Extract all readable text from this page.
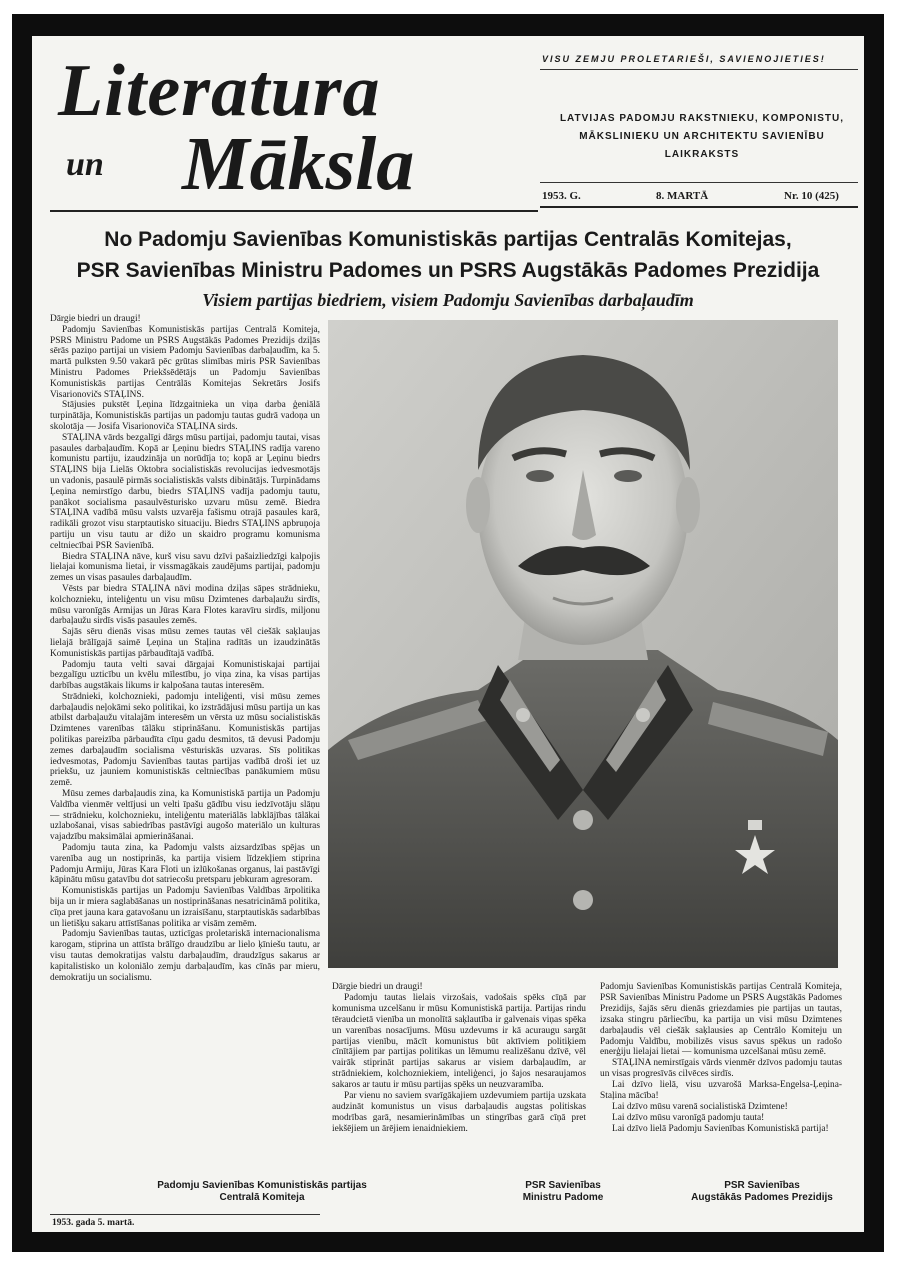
Literatura
un Māksla
VISU ZEMJU PROLETARIEŠI, SAVIENOJIETIES!
LATVIJAS PADOMJU RAKSTNIEKU, KOMPONISTU,
MĀKSLINIEKU UN ARCHITEKTU SAVIENĪBU
LAIKRAKSTS
1953. G.	8. MARTĀ	Nr. 10 (425)
No Padomju Savienības Komunistiskās partijas Centralās Komitejas,
PSR Savienības Ministru Padomes un PSRS Augstākās Padomes Prezidija
Visiem partijas biedriem, visiem Padomju Savienības darbaļaudīm

Dārgie biedri un draugi!

Padomju Savienības Komunistiskās partijas Centralā Komiteja, PSRS Ministru Padome un PSRS Augstākās Padomes Prezidijs dziļās sērās paziņo partijai un visiem Padomju Savienības darbaļaudīm, ka 5. martā pulksten 9.50 vakarā pēc grūtas slimības miris PSR Savienības Ministru Padomes Priekšsēdētājs un Padomju Savienības Komunistiskās partijas Centrālās Komitejas Sekretārs Josifs Visarionovičs STAĻINS.

Stājusies pukstēt Ļeņina līdzgaitnieka un viņa darba ģeniālā turpinātāja, Komunistiskās partijas un padomju tautas gudrā vadoņa un skolotāja — Josifa Visarionoviča STAĻINA sirds.

STAĻINA vārds bezgalīgi dārgs mūsu partijai, padomju tautai, visas pasaules darbaļaudīm. Kopā ar Ļeņinu biedrs STAĻINS radīja vareno komunistu partiju, izaudzināja un norūdīja to; kopā ar Ļeņinu biedrs STAĻINS bija Lielās Oktobra socialistiskās revolucijas iedvesmotājs un vadonis, pasaulē pirmās socialistiskās valsts dibinātājs. Turpinādams Ļeņina nemirstīgo darbu, biedrs STAĻINS vadīja padomju tautu, panākot socialisma pasaulvēsturisko uzvaru mūsu zemē. Biedra STAĻINA vadībā mūsu valsts uzvarēja fašismu otrajā pasaules karā, radikāli grozot visu starptautisko situaciju. Biedrs STAĻINS apbruņoja partiju un visu tautu ar dižo un skaidro programu komunisma celtniecībai PSR Savienībā.

Biedra STAĻINA nāve, kurš visu savu dzīvi pašaizliedzīgi kalpojis lielajai komunisma lietai, ir vissmagākais zaudējums partijai, padomju zemes un visas pasaules darbaļaudīm.

Vēsts par biedra STAĻINA nāvi modina dziļas sāpes strādnieku, kolchoznieku, inteliģentu un visu mūsu Dzimtenes darbaļaužu sirdīs, mūsu varonīgās Armijas un Jūras Kara Flotes karavīru sirdīs, miljonu darbaļaužu sirdīs visās pasaules zemēs.

Sajās sēru dienās visas mūsu zemes tautas vēl ciešāk saķlaujas lielajā brālīgajā saimē Ļeņina un Staļina radītās un izaudzinātās Komunistiskās partijas pārbaudītajā vadībā.

Padomju tauta velti savai dārgajai Komunistiskajai partijai bezgalīgu uzticību un kvēlu mīlestību, jo viņa zina, ka visas partijas darbības augstākais likums ir kalpošana tautas interesēm.

Strādnieki, kolchoznieki, padomju inteliģenti, visi mūsu zemes darbaļaudis neļokāmi seko politikai, ko izstrādājusi mūsu partija un kas atbilst darbaļaužu vitalajām interesēm un vērsta uz mūsu socialistiskās Dzimtenes varenības tālāku stiprināšanu. Komunistiskās partijas politikas pareizība pārbaudīta cīņu gadu desmitos, tā devusi Padomju zemes darbaļaudīm socialisma vēsturiskās uzvaras. Sīs politikas iedvesmotas, Padomju Savienības tautas partijas vadībā droši iet uz priekšu, uz jauniem komunistiskās celtniecības panākumiem mūsu zemē.

Mūsu zemes darbaļaudis zina, ka Komunistiskā partija un Padomju Valdība vienmēr veltījusi un velti īpašu gādību visu iedzīvotāju slāņu — strādnieku, kolchoznieku, inteliģentu materiālās labklājības tālākai uzlabošanai, visas sabiedrības pastāvīgi augošo materiālo un kulturas vajadzību maksimālai apmierināšanai.

Padomju tauta zina, ka Padomju valsts aizsardzības spējas un varenība aug un nostiprinās, ka partija visiem līdzekļiem stiprina Padomju Armiju, Jūras Kara Floti un izlūkošanas organus, lai pastāvīgi kāpinātu mūsu gatavību dot satriecošu pretsparu jebkuram agresoram.

Komunistiskās partijas un Padomju Savienības Valdības ārpolitika bija un ir miera saglabāšanas un nostiprināšanas nesatricināmā politika, cīņa pret jauna kara gatavošanu un izraisīšanu, starptautiskās sadarbības un lietišķu sakaru attīstīšanas politika ar visām zemēm.

Padomju Savienības tautas, uzticīgas proletariskā internacionalisma karogam, stiprina un attīsta brālīgo draudzību ar lielo ķīniešu tautu, ar visu tautas demokratijas valstu darbaļaudīm, draudzīgus sakarus ar kapitalistisko un koloniālo zemju darbaļaudīm, kas cīnās par mieru, demokratiju un socialismu.

Dārgie biedri un draugi!

Padomju tautas lielais virzošais, vadošais spēks cīņā par komunisma uzcelšanu ir mūsu Komunistiskā partija. Partijas rindu tēraudcietā vienība un monolītā saķlautība ir galvenais viņas spēka un varenības nosacījums. Mūsu uzdevums ir kā acuraugu sargāt partijas vienību, mācīt komunistus būt aktīviem politiķiem cīnītājiem par partijas politikas un lēmumu realizēšanu dzīvē, vēl vairāk stiprināt partijas sakarus ar visiem darbaļaudīm, ar strādniekiem, kolchozniekiem, inteliģenci, jo šajos nesaraujamos sakaros ar tautu ir mūsu partijas spēks un neuzvaramība.

Par vienu no saviem svarīgākajiem uzdevumiem partija uzskata audzināt komunistus un visus darbaļaudis augstas politiskas modrības garā, nesamierināmības un stingrības garā cīņā pret iekšējiem un ārējiem ienaidniekiem.

Padomju Savienības Komunistiskās partijas Centralā Komiteja, PSR Savienības Ministru Padome un PSRS Augstākās Padomes Prezidijs, šajās sēru dienās griezdamies pie partijas un tautas, izsaka stingru pārliecību, ka partija un visi mūsu Dzimtenes darbaļaudis vēl ciešāk saķlausies ap Centrālo Komiteju un Padomju Valdību, mobilizēs visus savus spēkus un radošo enerģiju lielajai lietai — komunisma uzcelšanai mūsu zemē.

STAĻINA nemirstīgais vārds vienmēr dzīvos padomju tautas un visas progresīvās cilvēces sirdīs.

Lai dzīvo lielā, visu uzvarošā Marksa-Engelsa-Ļeņina-Staļina mācība!

Lai dzīvo mūsu varenā socialistiskā Dzimtene!

Lai dzīvo mūsu varonīgā padomju tauta!

Lai dzīvo lielā Padomju Savienības Komunistiskā partija!

Padomju Savienības Komunistiskās partijas
Centralā Komiteja
PSR Savienības
Ministru Padome
PSR Savienības
Augstākās Padomes Prezidijs
1953. gada 5. martā.
